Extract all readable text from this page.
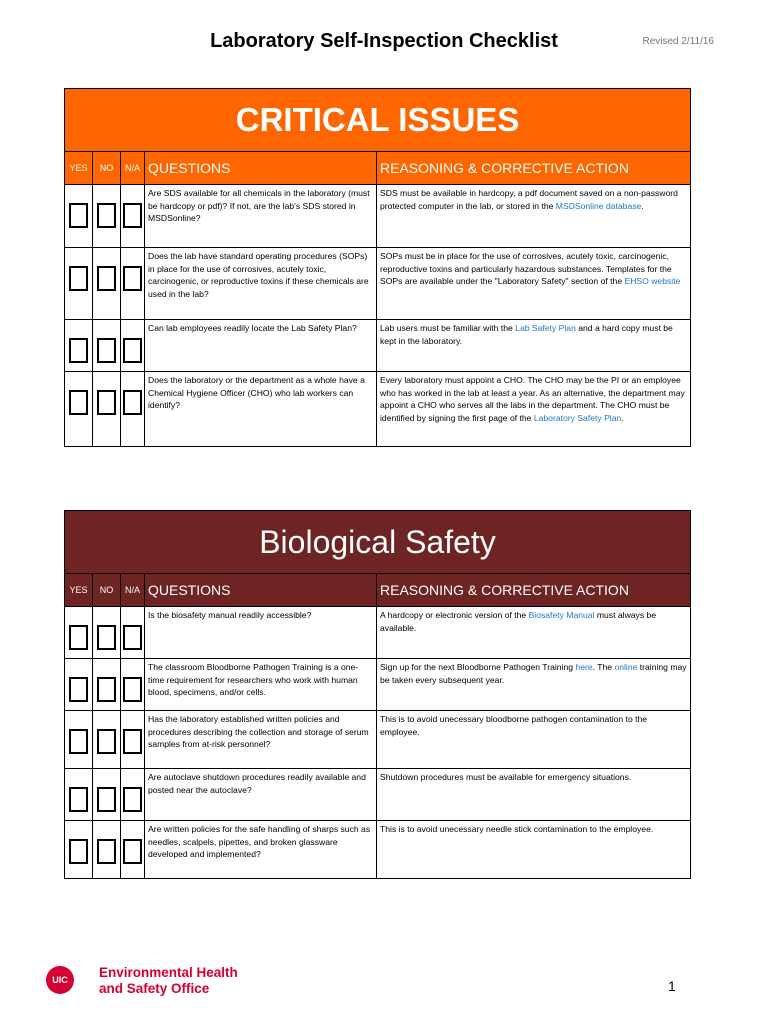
Laboratory Self-Inspection Checklist	Revised 2/11/16
CRITICAL ISSUES				
YES	NO	N/A	QUESTIONS	REASONING & CORRECTIVE ACTION

	Are SDS available for all chemicals in the laboratory (must be hardcopy or pdf)? If not, are the lab's SDS stored in MSDSonline?	SDS must be available in hardcopy, a pdf document saved on a non-password protected computer in the lab, or stored in the MSDSonline database.

	Does the lab have standard operating procedures (SOPs) in place for the use of corrosives, acutely toxic, carcinogenic, or reproductive toxins if these chemicals are used in the lab?	SOPs must be in place for the use of corrosives, acutely toxic, carcinogenic, reproductive toxins and particularly hazardous substances. Templates for the SOPs are available under the "Laboratory Safety" section of the EHSO website

	Can lab employees readily locate the Lab Safety Plan?	Lab users must be familiar with the Lab Safety Plan and a hard copy must be kept in the laboratory.

	Does the laboratory or the department as a whole have a Chemical Hygiene Officer (CHO) who lab workers can identify?	Every laboratory must appoint a CHO. The CHO may be the PI or an employee who has worked in the lab at least a year. As an alternative, the department may appoint a CHO who serves all the labs in the department. The CHO must be identified by signing the first page of the Laboratory Safety Plan.
Biological Safety				
YES	NO	N/A	QUESTIONS	REASONING & CORRECTIVE ACTION

	Is the biosafety manual readily accessible?	A hardcopy or electronic version of the Biosafety Manual must always be available.

	The classroom Bloodborne Pathogen Training is a one-time requirement for researchers who work with human blood, specimens, and/or cells.	Sign up for the next Bloodborne Pathogen Training here. The online training may be taken every subsequent year.

	Has the laboratory established written policies and procedures describing the collection and storage of serum samples from at-risk personnel?	This is to avoid unecessary bloodborne pathogen contamination to the employee.

	Are autoclave shutdown procedures readily available and posted near the autoclave?	Shutdown procedures must be available for emergency situations.

	Are written policies for the safe handling of sharps such as needles, scalpels, pipettes, and broken glassware developed and implemented?	This is to avoid unecessary needle stick contamination to the employee.
UIC	Environmental Health
and Safety Office	1
